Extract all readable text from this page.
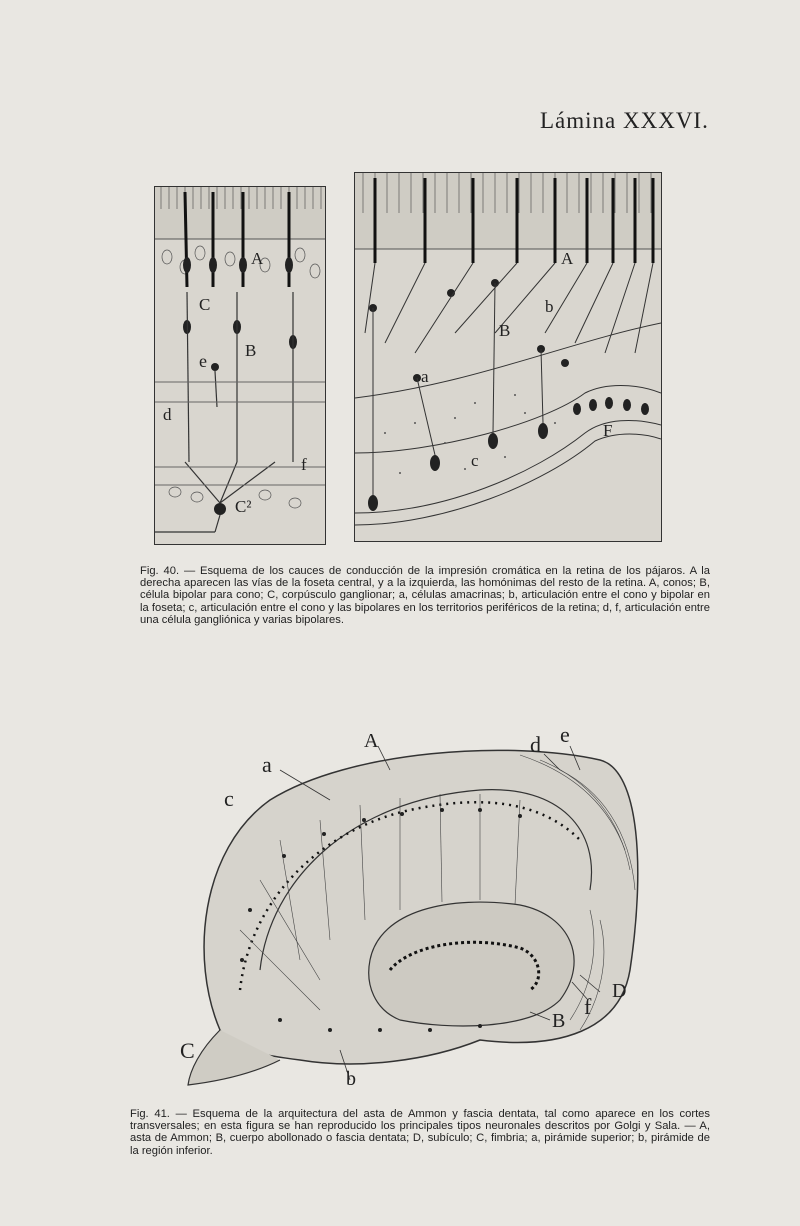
Lámina XXXVI.
A
C
e
B
d
f
C²
A
b
B
a
c
F
Fig. 40. — Esquema de los cauces de conducción de la impresión cromática en la retina de los pájaros. A la derecha aparecen las vías de la foseta central, y a la izquierda, las homónimas del resto de la retina. A, conos; B, célula bipolar para cono; C, corpúsculo ganglionar; a, células amacrinas; b, articulación entre el cono y bipolar en la foseta; c, articulación entre el cono y las bipolares en los territorios periféricos de la retina; d, f, articulación entre una célula gangliónica y varias bipolares.
A
a
c
d e
D
f
B
C
b
Fig. 41. — Esquema de la arquitectura del asta de Ammon y fascia dentata, tal como aparece en los cortes transversales; en esta figura se han reproducido los principales tipos neuronales descritos por Golgi y Sala. — A, asta de Ammon; B, cuerpo abollonado o fascia dentata; D, subículo; C, fimbria; a, pirámide superior; b, pirámide de la región inferior.
